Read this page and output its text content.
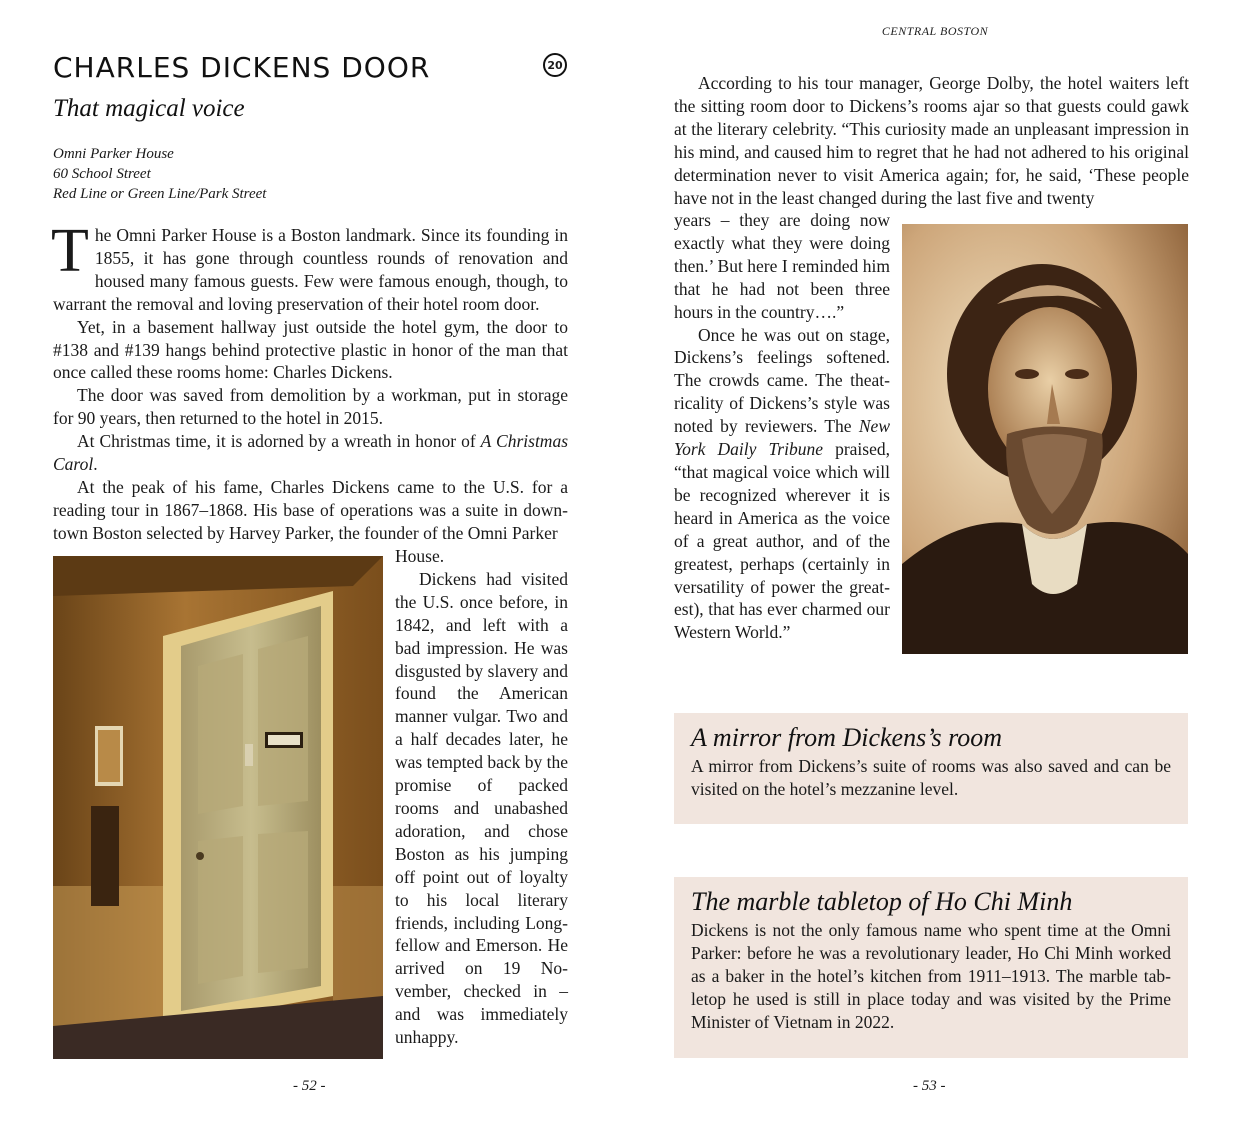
CHARLES DICKENS DOOR	20
That magical voice
Omni Parker House
60 School Street
Red Line or Green Line/Park Street

The Omni Parker House is a Boston landmark. Since its founding in 1855, it has gone through countless rounds of renovation and housed many famous guests. Few were famous enough, though, to warrant the removal and loving preservation of their hotel room door.

Yet, in a basement hallway just outside the hotel gym, the door to #138 and #139 hangs behind protective plastic in honor of the man that once called these rooms home: Charles Dickens.

The door was saved from demolition by a workman, put in storage for 90 years, then returned to the hotel in 2015.

At Christmas time, it is adorned by a wreath in honor of A Christmas Carol.

At the peak of his fame, Charles Dickens came to the U.S. for a reading tour in 1867–1868. His base of operations was a suite in downtown Boston selected by Harvey Parker, the founder of the Omni Parker

House.

Dickens had visited the U.S. once before, in 1842, and left with a bad impression. He was disgusted by slavery and found the American manner vulgar. Two and a half decades later, he was tempted back by the promise of packed rooms and unabashed adoration, and chose Boston as his jumping off point out of loyalty to his local literary friends, including Longfellow and Emerson. He arrived on 19 November, checked in – and was immediately unhappy.

- 52 -
CENTRAL BOSTON

According to his tour manager, George Dolby, the hotel waiters left the sitting room door to Dickens’s rooms ajar so that guests could gawk at the literary celebrity. “This curiosity made an unpleasant impression in his mind, and caused him to regret that he had not adhered to his original determination never to visit America again; for, he said, ‘These people have not in the least changed during the last five and twenty

years – they are doing now exactly what they were doing then.’ But here I reminded him that he had not been three hours in the country….”

Once he was out on stage, Dickens’s feelings softened. The crowds came. The theatricality of Dickens’s style was noted by reviewers. The New York Daily Tribune praised, “that magical voice which will be recognized wherever it is heard in America as the voice of a great author, and of the greatest, perhaps (certainly in versatility of power the greatest), that has ever charmed our Western World.”

A mirror from Dickens’s room
A mirror from Dickens’s suite of rooms was also saved and can be visited on the hotel’s mezzanine level.
The marble tabletop of Ho Chi Minh
Dickens is not the only famous name who spent time at the Omni Parker: before he was a revolutionary leader, Ho Chi Minh worked as a baker in the hotel’s kitchen from 1911–1913. The marble tabletop he used is still in place today and was visited by the Prime Minister of Vietnam in 2022.
- 53 -
